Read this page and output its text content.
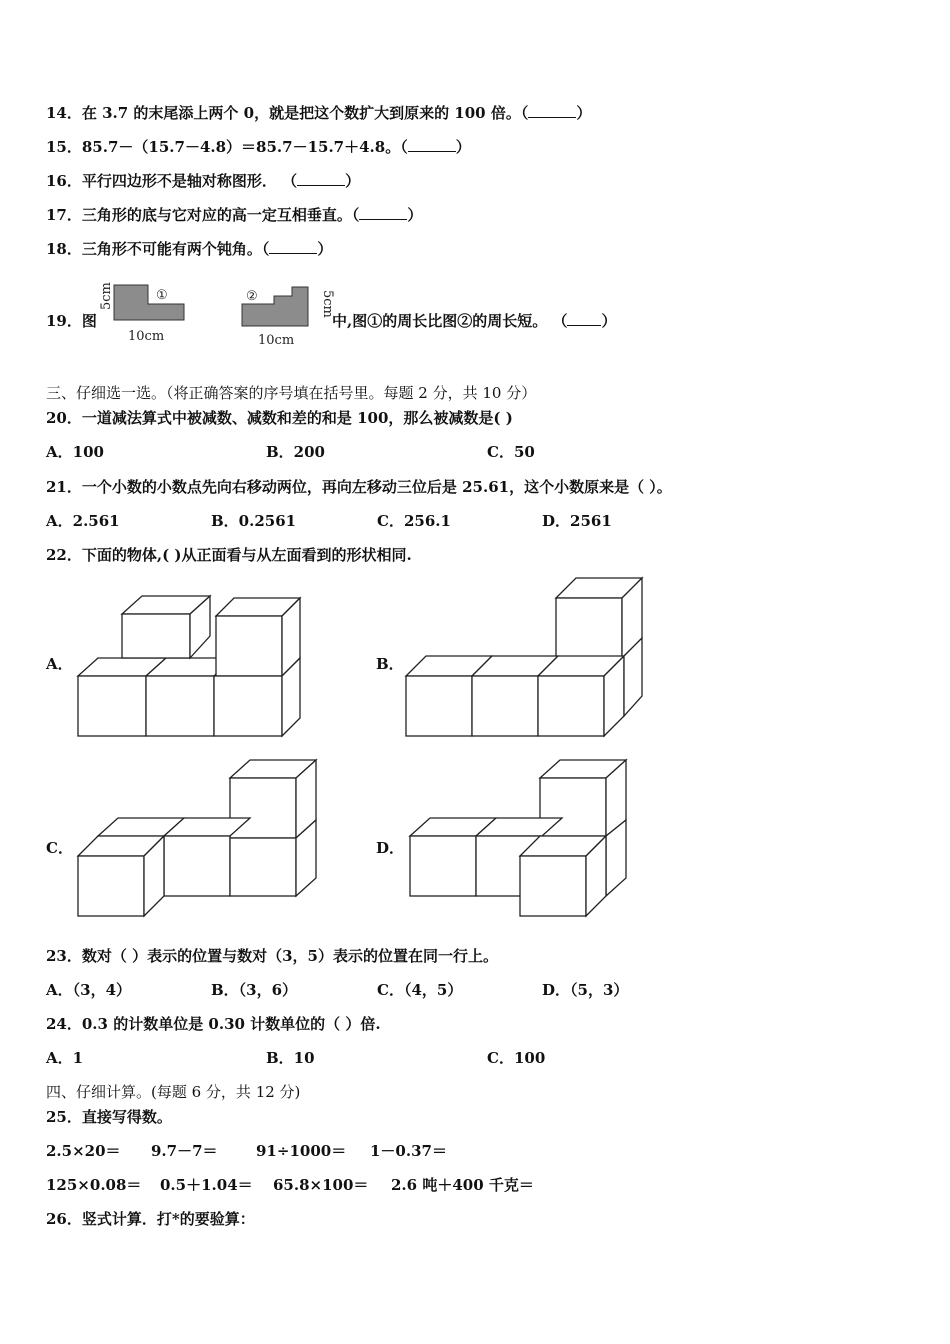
14．在 3.7 的末尾添上两个 0，就是把这个数扩大到原来的 100 倍。（	）
15．85.7－（15.7－4.8）＝85.7－15.7＋4.8。（	）
16．平行四边形不是轴对称图形． （	）
17．三角形的底与它对应的高一定互相垂直。（	）
18．三角形不可能有两个钝角。（	）
19．图
①
5cm
10cm
②	5cm
10cm
中,图①的周长比图②的周长短。 （ ）
三、仔细选一选。（将正确答案的序号填在括号里。每题 2 分，共 10 分）
20．一道减法算式中被减数、减数和差的和是 100，那么被减数是( )
A．100	B．200	C．50
21．一个小数的小数点先向右移动两位，再向左移动三位后是 25.61，这个小数原来是（ ）。
A．2.561	B．0.2561	C．256.1	D．2561
22．下面的物体,( )从正面看与从左面看到的形状相同.
A．	B．
C．	D．
23．数对（ ）表示的位置与数对（3，5）表示的位置在同一行上。
A．（3，4）	B．（3，6）	C．（4，5）	D．（5，3）
24．0.3 的计数单位是 0.30 计数单位的（ ）倍.
A．1	B．10	C．100
四、仔细计算。(每题 6 分，共 12 分)
25．直接写得数。
2.5×20＝ 9.7－7＝	91÷1000＝ 1－0.37＝
125×0.08＝ 0.5＋1.04＝ 65.8×100＝ 2.6 吨＋400 千克＝
26．竖式计算．打*的要验算：
